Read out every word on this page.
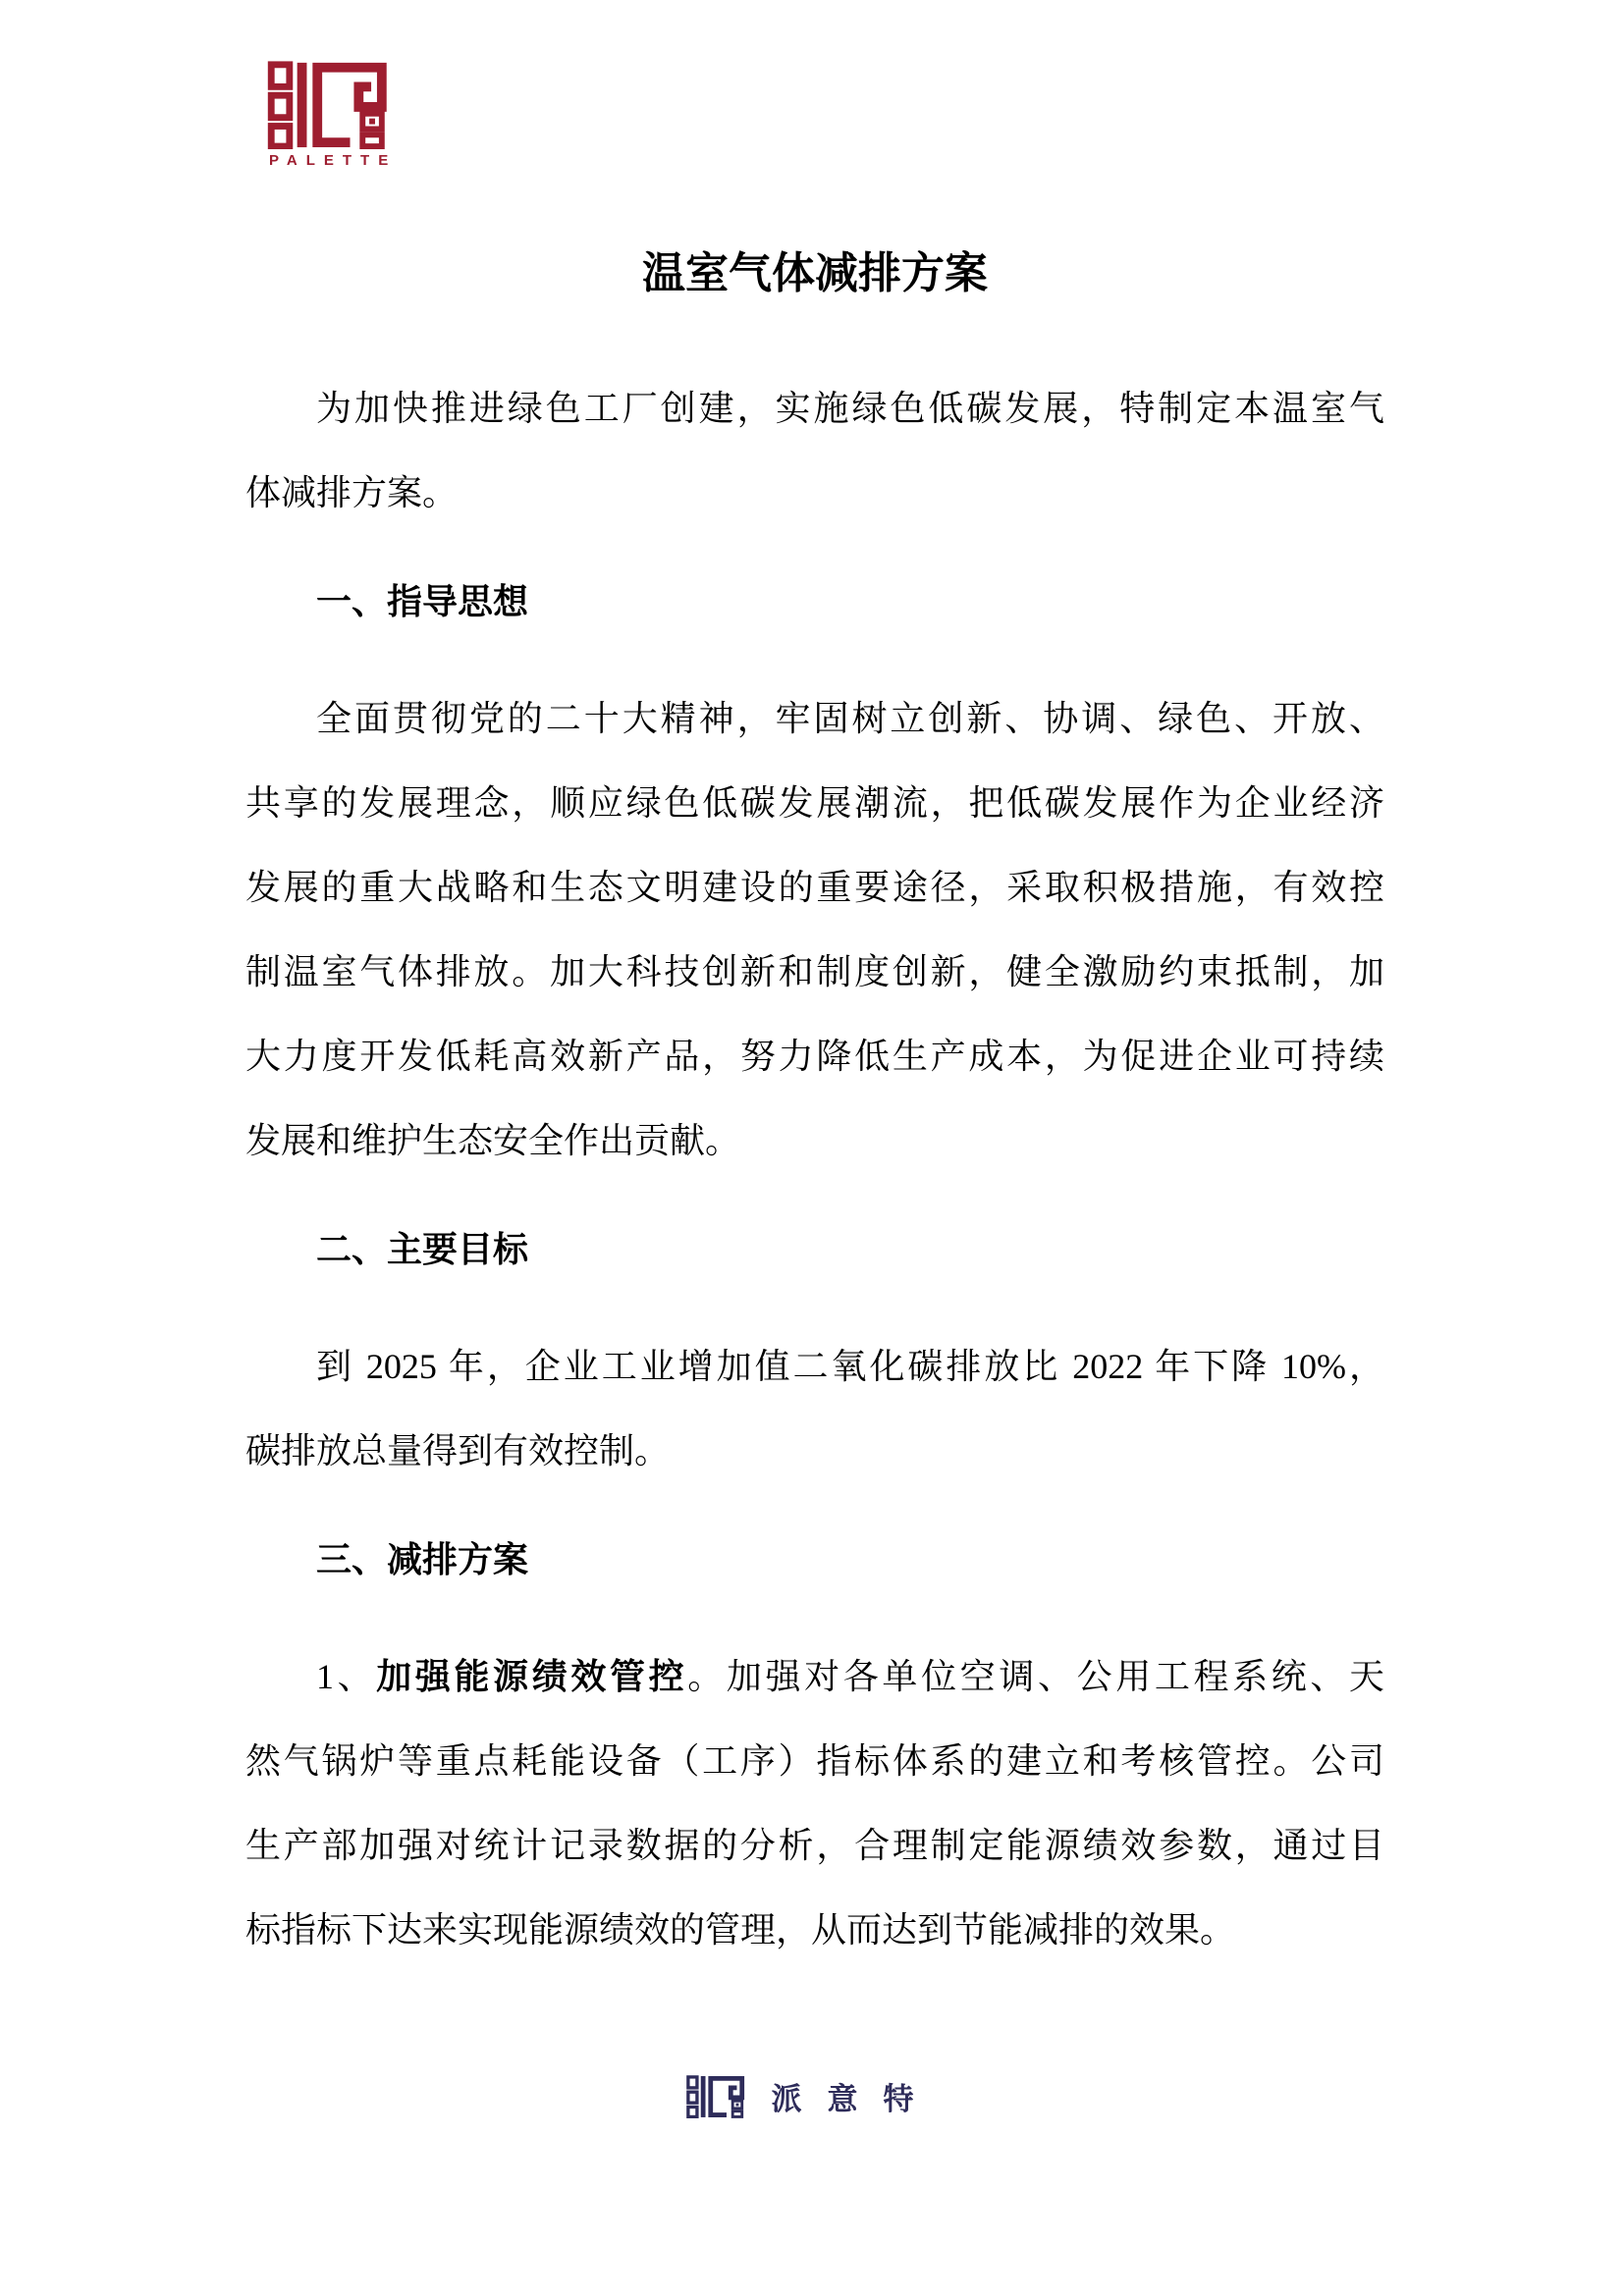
PALETTE
温室气体减排方案
为加快推进绿色工厂创建，实施绿色低碳发展，特制定本温室气
体减排方案。
一、指导思想
全面贯彻党的二十大精神，牢固树立创新、协调、绿色、开放、
共享的发展理念，顺应绿色低碳发展潮流，把低碳发展作为企业经济
发展的重大战略和生态文明建设的重要途径，采取积极措施，有效控
制温室气体排放。加大科技创新和制度创新，健全激励约束抵制，加
大力度开发低耗高效新产品，努力降低生产成本，为促进企业可持续
发展和维护生态安全作出贡献。
二、主要目标
到 2025 年，企业工业增加值二氧化碳排放比 2022 年下降 10%，
碳排放总量得到有效控制。
三、减排方案
1、加强能源绩效管控。加强对各单位空调、公用工程系统、天
然气锅炉等重点耗能设备（工序）指标体系的建立和考核管控。公司
生产部加强对统计记录数据的分析，合理制定能源绩效参数，通过目
标指标下达来实现能源绩效的管理，从而达到节能减排的效果。
派意特
